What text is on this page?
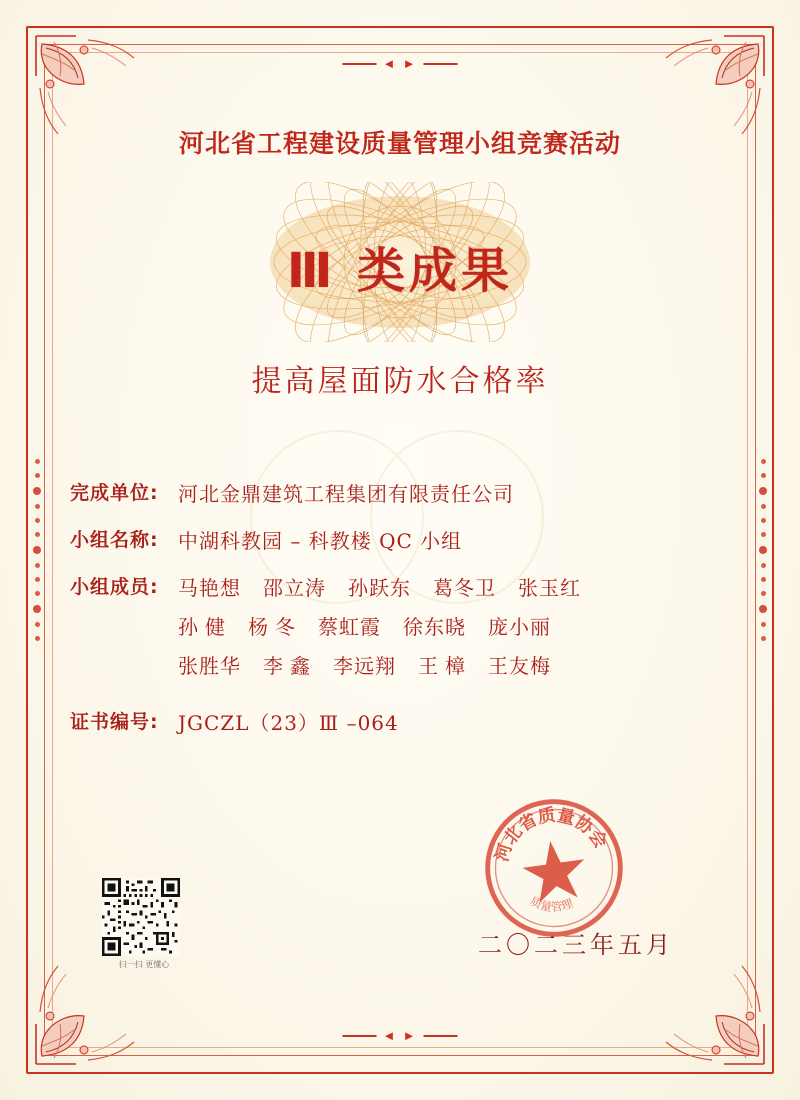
◄ ►
◄ ►
河北省工程建设质量管理小组竞赛活动
Ⅲ 类成果
提高屋面防水合格率
完成单位: 河北金鼎建筑工程集团有限责任公司
小组名称: 中湖科教园 – 科教楼 QC 小组
小组成员: 马艳想 邵立涛 孙跃东 葛冬卫 张玉红
孙 健 杨 冬 蔡虹霞 徐东晓 庞小丽
张胜华 李 鑫 李远翔 王 樟 王友梅
证书编号: JGCZL（23）Ⅲ –064
扫一扫 更懂心
河北省质量协会
质量管理
二〇二三年五月
